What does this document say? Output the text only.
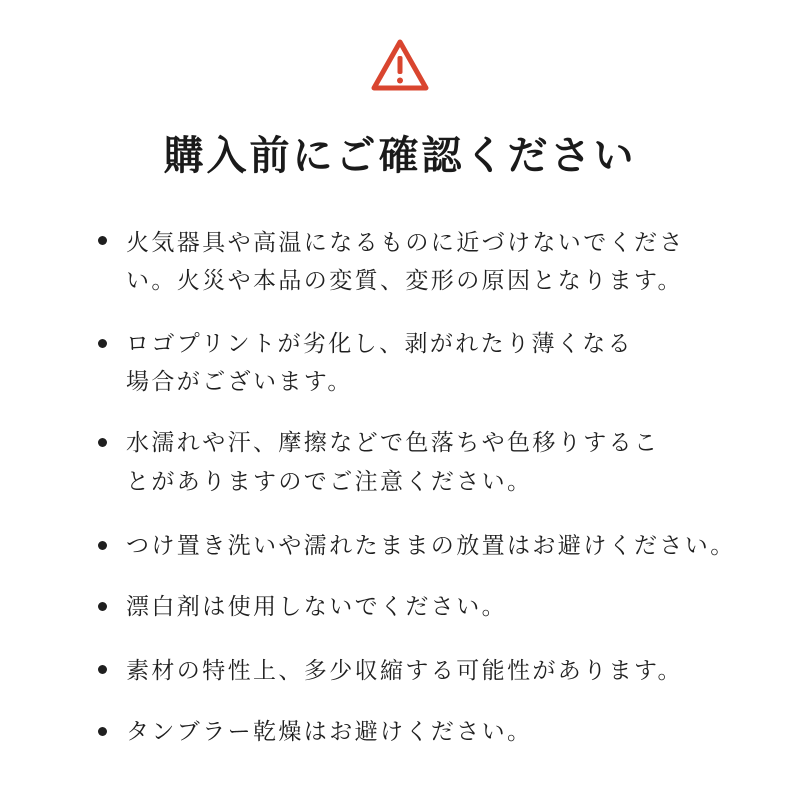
購入前にご確認ください
火気器具や高温になるものに近づけないでくださ
い。火災や本品の変質、変形の原因となります。
ロゴプリントが劣化し、剥がれたり薄くなる
場合がございます。
水濡れや汗、摩擦などで色落ちや色移りするこ
とがありますのでご注意ください。
つけ置き洗いや濡れたままの放置はお避けください。
漂白剤は使用しないでください。
素材の特性上、多少収縮する可能性があります。
タンブラー乾燥はお避けください。
